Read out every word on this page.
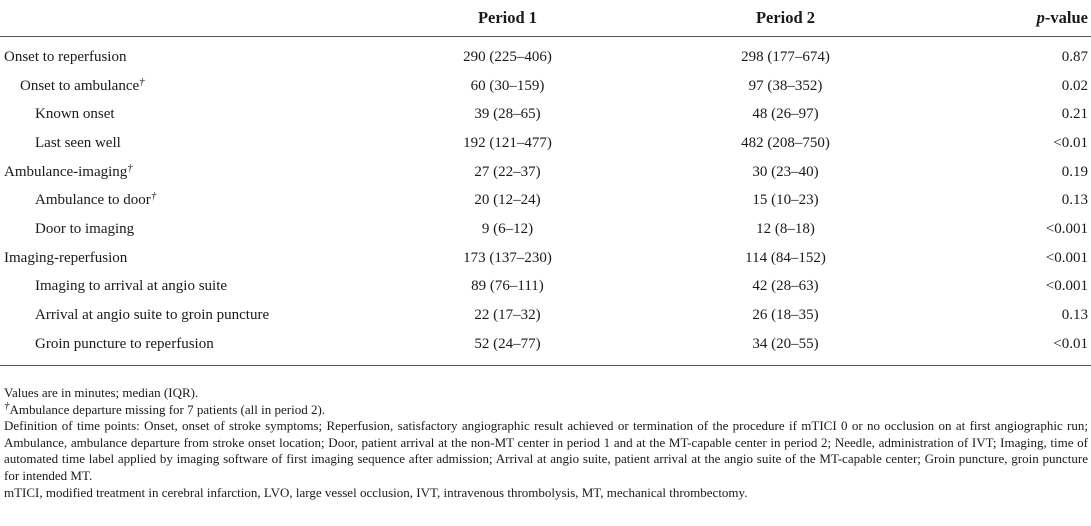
	Period 1	Period 2	p-value
Onset to reperfusion	290 (225–406)	298 (177–674)	0.87
Onset to ambulance†	60 (30–159)	97 (38–352)	0.02
Known onset	39 (28–65)	48 (26–97)	0.21
Last seen well	192 (121–477)	482 (208–750)	<0.01
Ambulance-imaging†	27 (22–37)	30 (23–40)	0.19
Ambulance to door†	20 (12–24)	15 (10–23)	0.13
Door to imaging	9 (6–12)	12 (8–18)	<0.001
Imaging-reperfusion	173 (137–230)	114 (84–152)	<0.001
Imaging to arrival at angio suite	89 (76–111)	42 (28–63)	<0.001
Arrival at angio suite to groin puncture	22 (17–32)	26 (18–35)	0.13
Groin puncture to reperfusion	52 (24–77)	34 (20–55)	<0.01

Values are in minutes; median (IQR).

†Ambulance departure missing for 7 patients (all in period 2).

Definition of time points: Onset, onset of stroke symptoms; Reperfusion, satisfactory angiographic result achieved or termination of the procedure if mTICI 0 or no occlusion on at first angiographic run; Ambulance, ambulance departure from stroke onset location; Door, patient arrival at the non-MT center in period 1 and at the MT-capable center in period 2; Needle, administration of IVT; Imaging, time of automated time label applied by imaging software of first imaging sequence after admission; Arrival at angio suite, patient arrival at the angio suite of the MT-capable center; Groin puncture, groin puncture for intended MT.

mTICI, modified treatment in cerebral infarction, LVO, large vessel occlusion, IVT, intravenous thrombolysis, MT, mechanical thrombectomy.
